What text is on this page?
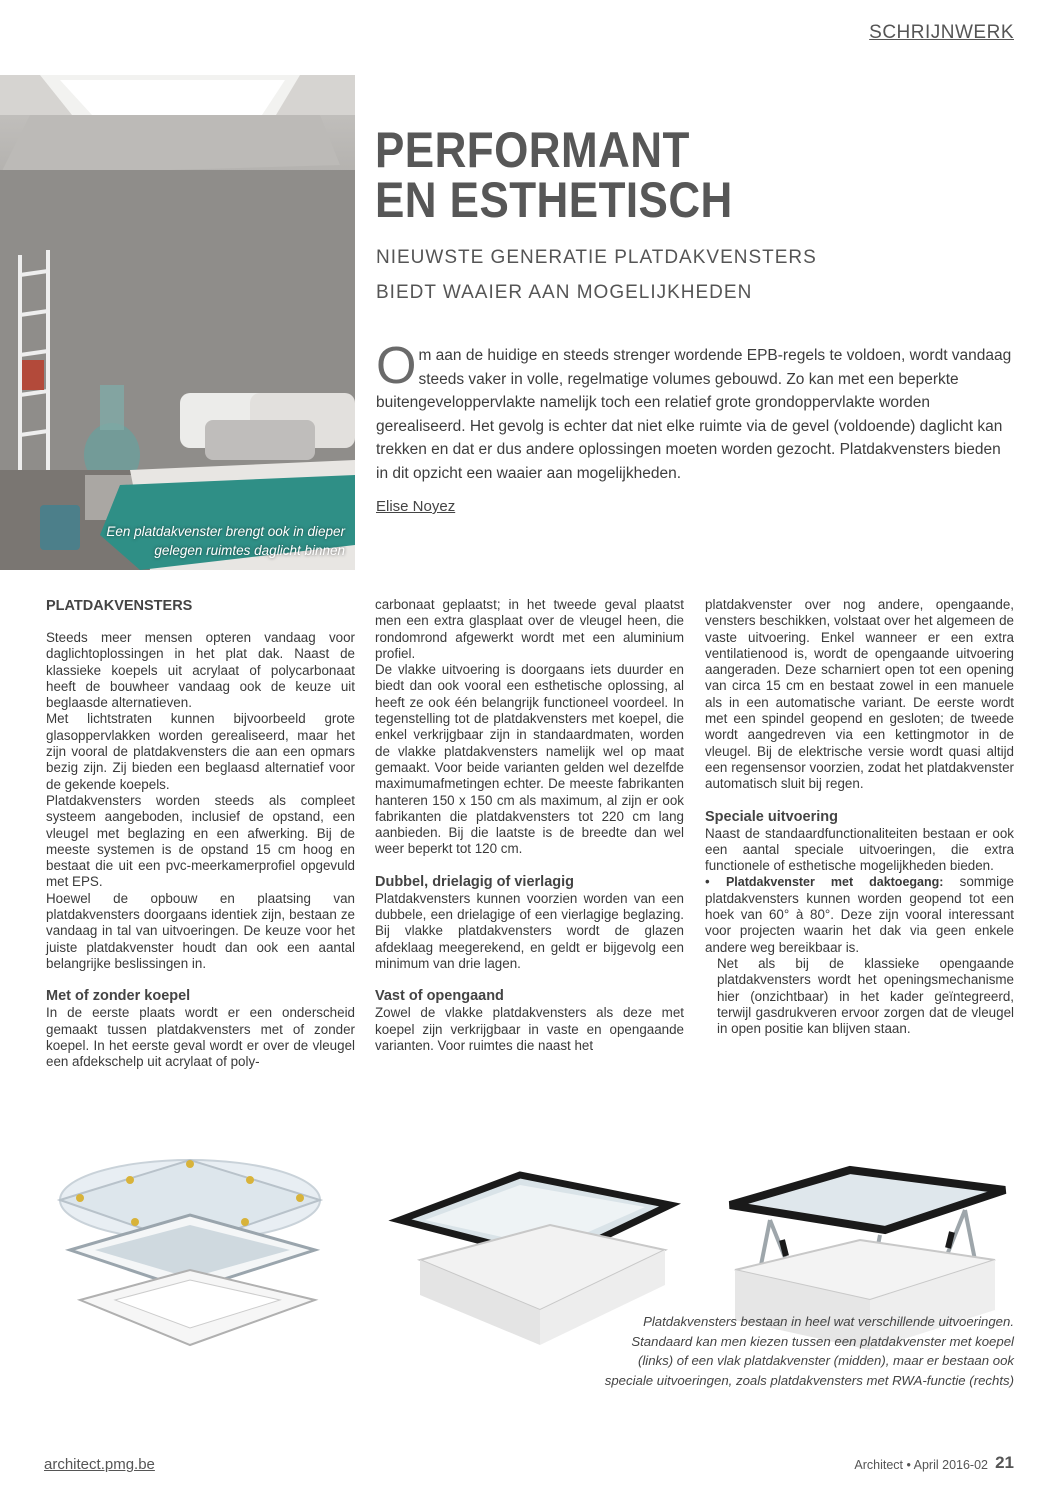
SCHRIJNWERK
Een platdakvenster brengt ook in dieper
gelegen ruimtes daglicht binnen
PERFORMANT
EN ESTHETISCH
NIEUWSTE GENERATIE PLATDAKVENSTERS
BIEDT WAAIER AAN MOGELIJKHEDEN
Om aan de huidige en steeds strenger wordende EPB-regels te voldoen, wordt vandaag steeds vaker in volle, regelmatige volumes gebouwd. Zo kan met een beperkte buitengeveloppervlakte namelijk toch een relatief grote grondoppervlakte worden gerealiseerd. Het gevolg is echter dat niet elke ruimte via de gevel (voldoende) daglicht kan trekken en dat er dus andere oplossingen moeten worden gezocht. Platdakvensters bieden in dit opzicht een waaier aan mogelijkheden.
Elise Noyez
PLATDAKVENSTERS

Steeds meer mensen opteren vandaag voor daglichtoplossingen in het plat dak. Naast de klassieke koepels uit acrylaat of polycarbonaat heeft de bouwheer vandaag ook de keuze uit beglaasde alternatieven.

Met lichtstraten kunnen bijvoorbeeld grote glasoppervlakken worden gerealiseerd, maar het zijn vooral de platdakvensters die aan een opmars bezig zijn. Zij bieden een beglaasd alternatief voor de gekende koepels.

Platdakvensters worden steeds als compleet systeem aangeboden, inclusief de opstand, een vleugel met beglazing en een afwerking. Bij de meeste systemen is de opstand 15 cm hoog en bestaat die uit een pvc-meerkamerprofiel opgevuld met EPS.

Hoewel de opbouw en plaatsing van platdakvensters doorgaans identiek zijn, bestaan ze vandaag in tal van uitvoeringen. De keuze voor het juiste platdakvenster houdt dan ook een aantal belangrijke beslissingen in.

Met of zonder koepel

In de eerste plaats wordt er een onderscheid gemaakt tussen platdakvensters met of zonder koepel. In het eerste geval wordt er over de vleugel een afdekschelp uit acrylaat of poly-

carbonaat geplaatst; in het tweede geval plaatst men een extra glasplaat over de vleugel heen, die rondomrond afgewerkt wordt met een aluminium profiel.

De vlakke uitvoering is doorgaans iets duurder en biedt dan ook vooral een esthetische oplossing, al heeft ze ook één belangrijk functioneel voordeel. In tegenstelling tot de platdakvensters met koepel, die enkel verkrijgbaar zijn in standaardmaten, worden de vlakke platdakvensters namelijk wel op maat gemaakt. Voor beide varianten gelden wel dezelfde maximumafmetingen echter. De meeste fabrikanten hanteren 150 x 150 cm als maximum, al zijn er ook fabrikanten die platdakvensters tot 220 cm lang aanbieden. Bij die laatste is de breedte dan wel weer beperkt tot 120 cm.

Dubbel, drielagig of vierlagig

Platdakvensters kunnen voorzien worden van een dubbele, een drielagige of een vierlagige beglazing. Bij vlakke platdakvensters wordt de glazen afdeklaag meegerekend, en geldt er bijgevolg een minimum van drie lagen.

Vast of opengaand

Zowel de vlakke platdakvensters als deze met koepel zijn verkrijgbaar in vaste en opengaande varianten. Voor ruimtes die naast het

platdakvenster over nog andere, opengaande, vensters beschikken, volstaat over het algemeen de vaste uitvoering. Enkel wanneer er een extra ventilatienood is, wordt de opengaande uitvoering aangeraden. Deze scharniert open tot een opening van circa 15 cm en bestaat zowel in een manuele als in een automatische variant. De eerste wordt met een spindel geopend en gesloten; de tweede wordt aangedreven via een kettingmotor in de vleugel. Bij de elektrische versie wordt quasi altijd een regensensor voorzien, zodat het platdakvenster automatisch sluit bij regen.

Speciale uitvoering

Naast de standaardfunctionaliteiten bestaan er ook een aantal speciale uitvoeringen, die extra functionele of esthetische mogelijkheden bieden.

• Platdakvenster met daktoegang: sommige platdakvensters kunnen worden geopend tot een hoek van 60° à 80°. Deze zijn vooral interessant voor projecten waarin het dak via geen enkele andere weg bereikbaar is.

Net als bij de klassieke opengaande platdakvensters wordt het openingsmechanisme hier (onzichtbaar) in het kader geïntegreerd, terwijl gasdrukveren ervoor zorgen dat de vleugel in open positie kan blijven staan.

Platdakvensters bestaan in heel wat verschillende uitvoeringen.
Standaard kan men kiezen tussen een platdakvenster met koepel
(links) of een vlak platdakvenster (midden), maar er bestaan ook
speciale uitvoeringen, zoals platdakvensters met RWA-functie (rechts)
architect.pmg.be	Architect • April 2016-02 21
